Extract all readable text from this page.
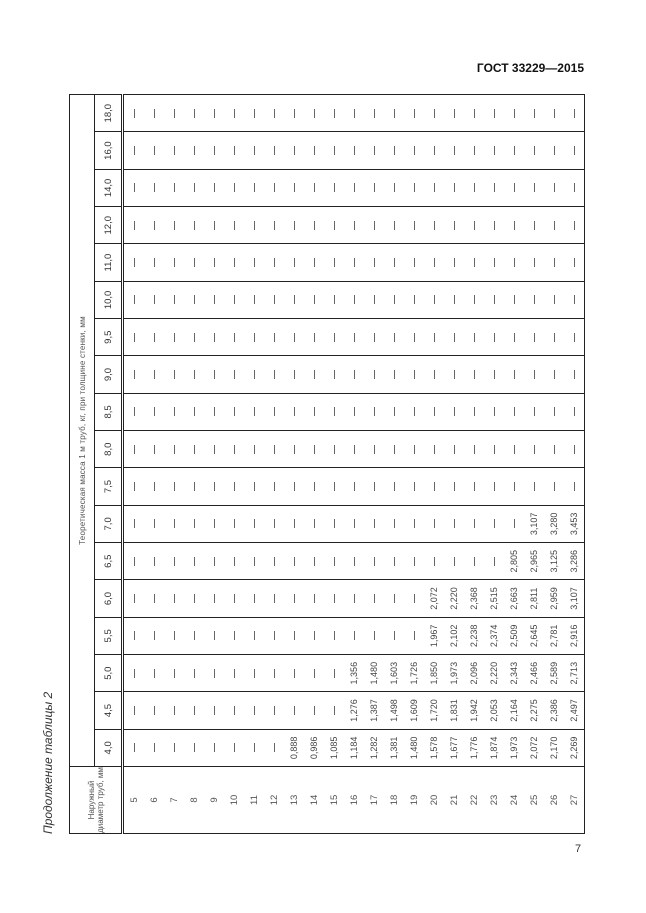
ГОСТ 33229—2015
Продолжение таблицы 2	Наружный диаметр труб, мм	Теоретическая масса 1 м труб, кг, при толщине стенки, мм																	
	4,0	4,5	5,0	5,5	6,0	6,5	7,0	7,5	8,0	8,5	9,0	9,5	10,0	11,0	12,0	14,0	16,0	18,0
5																		
6																		
7																		
8																		
9																		
10																		
11																		
12																		
13	0,888																	
14	0,986																	
15	1,085																	
16	1,184	1,276	1,356															
17	1,282	1,387	1,480															
18	1,381	1,498	1,603															
19	1,480	1,609	1,726															
20	1,578	1,720	1,850	1,967	2,072													
21	1,677	1,831	1,973	2,102	2,220													
22	1,776	1,942	2,096	2,238	2,368													
23	1,874	2,053	2,220	2,374	2,515													
24	1,973	2,164	2,343	2,509	2,663	2,805												
25	2,072	2,275	2,466	2,645	2,811	2,965	3,107											
26	2,170	2,386	2,589	2,781	2,959	3,125	3,280											
27	2,269	2,497	2,713	2,916	3,107	3,286	3,453											
7
